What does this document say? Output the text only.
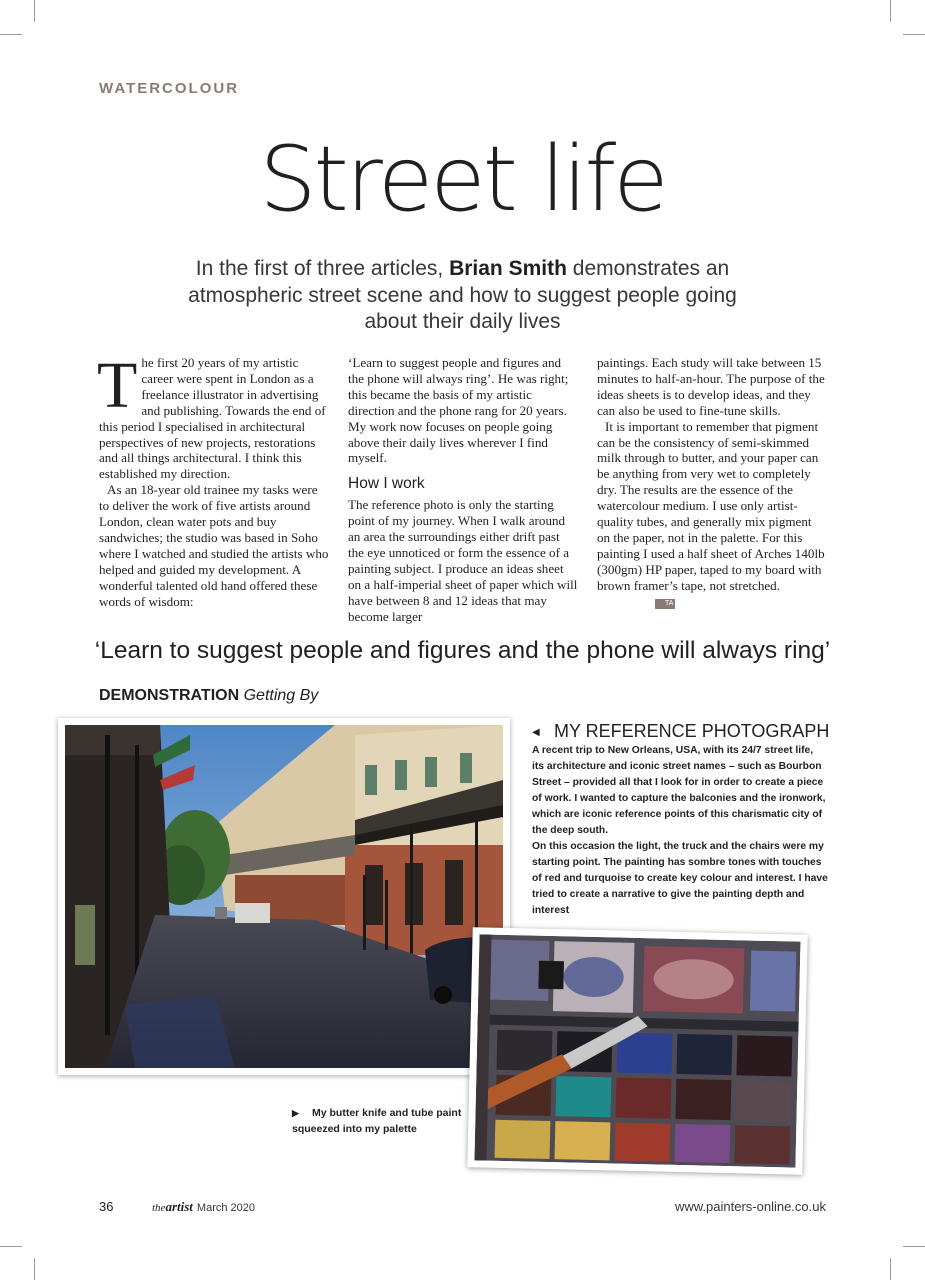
WATERCOLOUR
Street life
In the first of three articles, Brian Smith demonstrates an atmospheric street scene and how to suggest people going about their daily lives
T he first 20 years of my artistic career were spent in London as a freelance illustrator in advertising and publishing. Towards the end of this period I specialised in architectural perspectives of new projects, restorations and all things architectural. I think this established my direction.

As an 18-year old trainee my tasks were to deliver the work of five artists around London, clean water pots and buy sandwiches; the studio was based in Soho where I watched and studied the artists who helped and guided my development. A wonderful talented old hand offered these words of wisdom:

‘Learn to suggest people and figures and the phone will always ring’. He was right; this became the basis of my artistic direction and the phone rang for 20 years. My work now focuses on people going above their daily lives wherever I find myself.

How I work

The reference photo is only the starting point of my journey. When I walk around an area the surroundings either drift past the eye unnoticed or form the essence of a painting subject. I produce an ideas sheet on a half-imperial sheet of paper which will have between 8 and 12 ideas that may become larger

paintings. Each study will take between 15 minutes to half-an-hour. The purpose of the ideas sheets is to develop ideas, and they can also be used to fine-tune skills.

It is important to remember that pigment can be the consistency of semi-skimmed milk through to butter, and your paper can be anything from very wet to completely dry. The results are the essence of the watercolour medium. I use only artist-quality tubes, and generally mix pigment on the paper, not in the palette. For this painting I used a half sheet of Arches 140lb (300gm) HP paper, taped to my board with brown framer’s tape, not stretched.TA

‘Learn to suggest people and figures and the phone will always ring’
DEMONSTRATION Getting By
◀ MY REFERENCE PHOTOGRAPH

A recent trip to New Orleans, USA, with its 24/7 street life, its architecture and iconic street names – such as Bourbon Street – provided all that I look for in order to create a piece of work. I wanted to capture the balconies and the ironwork, which are iconic reference points of this charismatic city of the deep south.

On this occasion the light, the truck and the chairs were my starting point. The painting has sombre tones with touches of red and turquoise to create key colour and interest. I have tried to create a narrative to give the painting depth and interest

▶ My butter knife and tube paint squeezed into my palette
36	theartist March 2020	www.painters-online.co.uk
